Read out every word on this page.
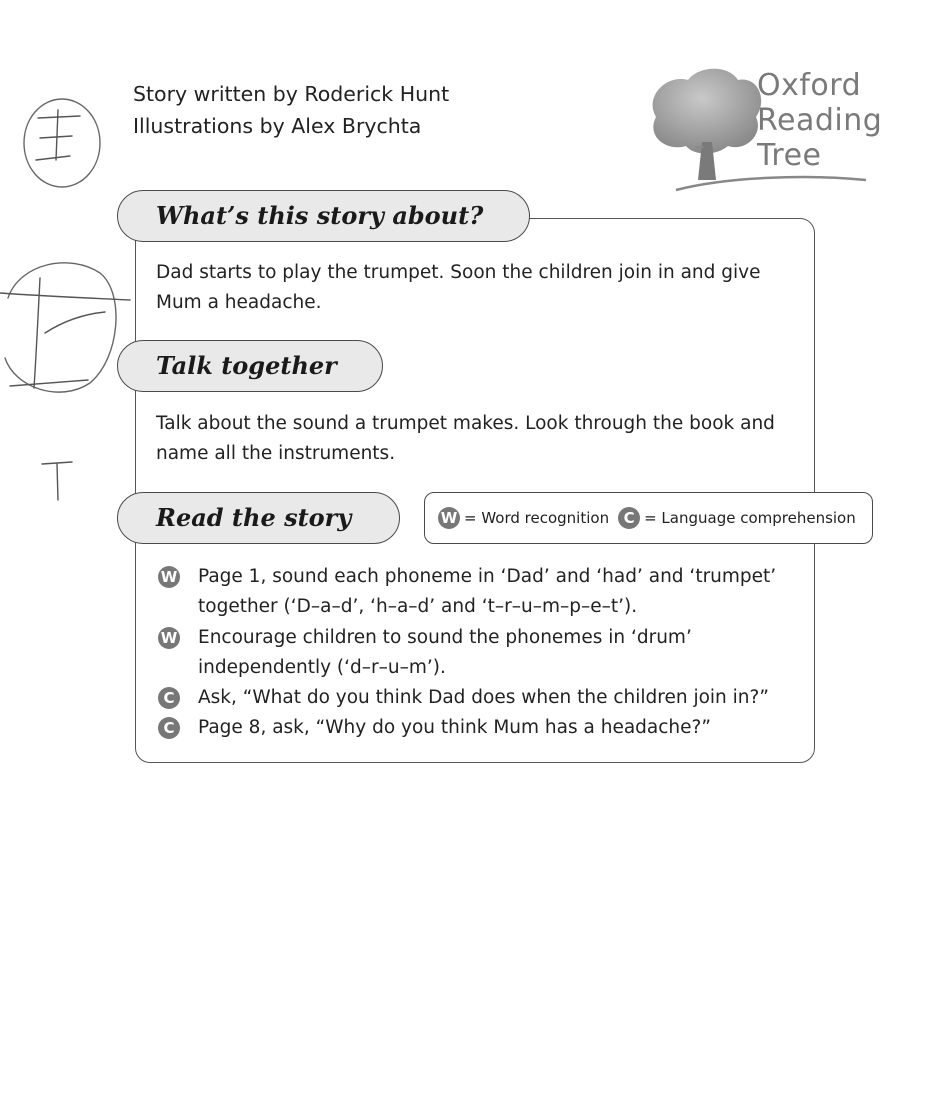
Story written by Roderick Hunt
Illustrations by Alex Brychta
Oxford
Reading
Tree
What’s this story about?
Dad starts to play the trumpet. Soon the children join in and give
Mum a headache.
Talk together
Talk about the sound a trumpet makes. Look through the book and
name all the instruments.
Read the story	W = Word recognition C = Language comprehension
W Page 1, sound each phoneme in ‘Dad’ and ‘had’ and ‘trumpet’
together (‘D–a–d’, ‘h–a–d’ and ‘t–r–u–m–p–e–t’).
W Encourage children to sound the phonemes in ‘drum’
independently (‘d–r–u–m’).
C Ask, “What do you think Dad does when the children join in?”
C Page 8, ask, “Why do you think Mum has a headache?”
